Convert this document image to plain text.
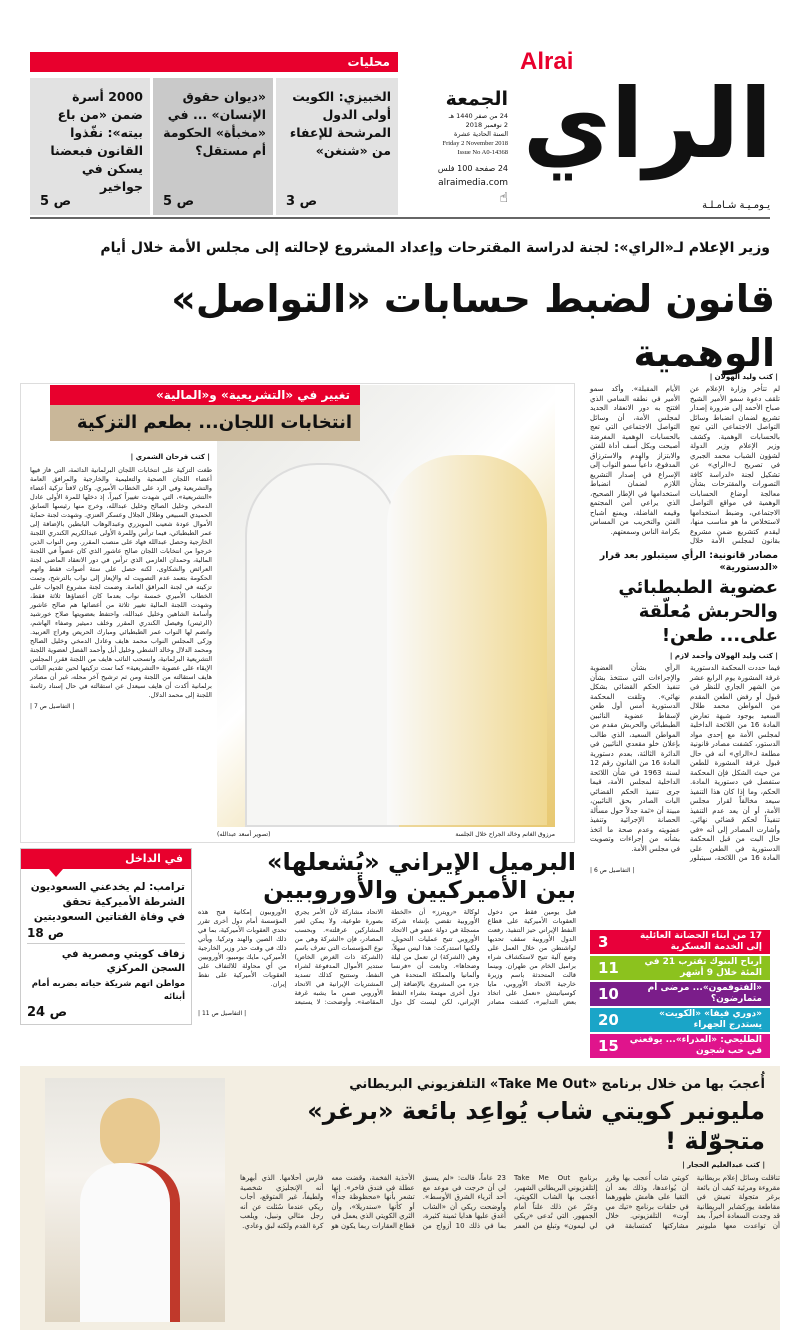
محليات
الخبيزي: الكويت أولى الدول المرشحة للإعفاء من «شنغن»
ص 3
«ديوان حقوق الإنسان» ... في «مخبأة» الحكومة أم مستقل؟
ص 5
2000 أسرة ضمن «من باع بيته»: نفّذوا القانون فبعضنا يسكن في جواخير
ص 5
الجمعة
24 من صفر 1440 هـ
2 نوفمبر 2018
السنة الحادية عشرة
Friday 2 November 2018
Issue No A0-14368
24 صفحة 100 فلس
alraimedia.com
☝
Alrai
الراي
يـومـيـة شـامـلـة
وزير الإعلام لـ«الراي»: لجنة لدراسة المقترحات وإعداد المشروع لإحالته إلى مجلس الأمة خلال أيام
قانون لضبط حسابات «التواصل» الوهمية
| كتب وليد الهولان |
لم تتأخر وزارة الإعلام عن تلقف دعوة سمو الأمير الشيخ صباح الأحمد إلى ضرورة إصدار تشريع لضمان انضباط وسائل التواصل الاجتماعي التي تعج بالحسابات الوهمية. وكشف وزير الإعلام وزير الدولة لشؤون الشباب محمد الجبري في تصريح لـ«الراي» عن تشكيل لجنة «لدراسة كافة التصورات والمقترحات بشأن معالجة أوضاع الحسابات الوهمية في مواقع التواصل الاجتماعي، وضبط استخدامها لاستخلاص ما هو مناسب منها، ليقدم كتشريع ضمن مشروع بقانون لمجلس الأمة خلال الأيام المقبلة». وأكد سمو الأمير في نطقه السامي الذي افتتح به دور الانعقاد الجديد لمجلس الأمة، أن وسائل التواصل الاجتماعي التي تعج بالحسابات الوهمية المغرضة أصبحت وبكل أسف أداة للفتن والابتزاز والهدم والاسترزاق المدفوع، داعياً سمو النواب إلى الإسراع في إصدار التشريع اللازم لضمان انضباط استخدامها في الإطار الصحيح، الذي يراعي أمن المجتمع وقيمه الفاضلة، ويمنع أشباح الفتن والتخريب من المساس بكرامة الناس وسمعتهم.
مصادر قانونية: الرأي سيتبلور بعد قرار «الدستورية»
عضوية الطبطبائي والحربش مُعلّقة على... طعن!
| كتب وليد الهولان وأحمد لازم |
فيما حددت المحكمة الدستورية غرفة المشورة يوم الرابع عشر من الشهر الجاري للنظر في قبول أو رفض الطعن المقدم من المواطن محمد طلال السعيد بوجود شبهة تعارض المادة 16 من اللائحة الداخلية لمجلس الأمة مع إحدى مواد الدستور، كشفت مصادر قانونية مطلعة لـ«الراي» أنه في حال قبول غرفة المشورة للطعن من حيث الشكل فإن المحكمة ستفصل في دستورية المادة. الحكم، وما إذا كان هذا التنفيذ سيعد مخالفاً لقرار مجلس الأمة، أو أن يعد عدم التنفيذ تنفيذاً لحكم قضائي نهائي. وأشارت المصادر إلى أنه «في حال البت من قبل المحكمة الدستورية في الطعن على المادة 16 من اللائحة، سيتبلور الرأي بشأن العضوية والإجراءات التي ستتخذ بشأن تنفيذ الحكم القضائي بشكل نهائي». وتلقت المحكمة الدستورية أمس أول طعن لإسقاط عضوية النائبين الطبطبائي والحربش مقدم من المواطن السعيد، الذي طالب بإعلان خلو مقعدي النائبين في الدائرة الثالثة، بعدم دستورية المادة 16 من القانون رقم 12 لسنة 1963 في شأن اللائحة الداخلية لمجلس الأمة، فيما جرى تنفيذ الحكم القضائي البات الصادر بحق النائبين، مبينة أن «ثمة جدلاً حول مسألة الحصانة الإجرائية وتنفيذ عضويته وعدم صحة ما اتخذ بشأنه من إجراءات وتصويت في مجلس الأمة.
| التفاصيل ص 6 |
17 من أبناء الحضانة العائلية إلى الخدمة العسكرية
3
أرباح البنوك تقترب 21 في المئة خلال 9 أشهر
11
«الفتوفمون»... مرضى أم متمارضون؟
10
«دوري فيفا» «الكويت» يستدرج الجهراء
20
الطليحي: «العذراء»... يوقعني في حب شجون
15
تغيير في «التشريعية» و«المالية»
انتخابات اللجان... بطعم التزكية
| كتب فرحان الشمري |
طغت التزكية على انتخابات اللجان البرلمانية الدائمة، التي فاز فيها أعضاء اللجان الصحية والتعليمية والخارجية والمرافق العامة والتشريعية وفي الرد على الخطاب الأميري. وكان لافتاً تزكية أعضاء «التشريعية»، التي شهدت تغييراً كبيراً، إذ دخلها للمرة الأولى عادل الدمخي وخليل الصالح وخليل عبدالله، وخرج منها رئيسها السابق الحميدي السبيعي وطلال الجلال وعسكر العنزي. وشهدت لجنة حماية الأموال عودة شعيب المويزري وعبدالوهاب البابطين بالإضافة إلى عمر الطبطبائي، فيما ترأس وللمرة الأولى عبدالكريم الكندري اللجنة الخارجية وحصل عبدالله فهاد على منصب المقرر. ومن النواب الذين خرجوا من انتخابات اللجان صالح عاشور الذي كان عضواً في اللجنة المالية، وحمدان العازمي الذي ترأس في دور الانعقاد الماضي لجنة العرائض والشكاوى، لكنه حصل على ستة أصوات فقط واتهم الحكومة بتعمد عدم التصويت له والإيعاز إلى نواب بالترشح، وتمت تزكيته في لجنة المرافق العامة. وضمت لجنة مشروع الجواب على الخطاب الأميري خمسة نواب بعدما كان أعضاؤها ثلاثة فقط، وشهدت اللجنة المالية تغيير ثلاثة من أعضائها هم صالح عاشور وأسامة الشاهين وخليل عبدالله، واحتفظ بعضويتها صلاح خورشيد (الرئيس) وفيصل الكندري المقرر وخلف دميثير وصفاء الهاشم، وانضم لها النواب عمر الطبطبائي ومبارك الحريص وفراج العربيد. وزكى المجلس النواب محمد هايف وعادل الدمخي وخليل الصالح ومحمد الدلال وخالد الشطي وخليل أبل وأحمد الفضل لعضوية اللجنة التشريعية البرلمانية، وانسحب النائب هايف من اللجنة فقرر المجلس الإبقاء على عضوية «التشريعية» كما تمت تزكيتها لحين تقديم النائب هايف استقالته من اللجنة ومن ثم ترشيح آخر محله، غير أن مصادر برلمانية أكدت أن هايف سيعدل عن استقالته في حال إسناد رئاسة اللجنة إلى محمد الدلال.
| التفاصيل ص 7 |
مرزوق الغانم وخالد الجراح خلال الجلسة
(تصوير أسعد عبدالله)
البرميل الإيراني «يُشعلها»
بين الأميركيين والأوروبيين
قبل يومين فقط من دخول العقوبات الأميركية على قطاع النفط الإيراني حيز التنفيذ، رفعت الدول الأوروبية سقف تحديها لواشنطن من خلال العمل على وضع آلية تتيح لاستكشاف شراء براميل الخام من طهران. وبينما قالت المتحدثة باسم وزيرة خارجية الاتحاد الأوروبي، مايا كوسيانيتش «نعمل على اتخاذ بعض التدابير»، كشفت مصادر لوكالة «رويترز» أن «الخطة الأوروبية تقضي بإنشاء شركة مسجلة في دولة عضو في الاتحاد الأوروبي تتيح عمليات التحويل، ولكنها استدركت: هذا ليس سهلاً، وهي (الشركة) لن تعمل من ليلة وضحاها». وتابعت أن «فرنسا وألمانيا والمملكة المتحدة هي جزء من المشروع، بالإضافة إلى دول أخرى مهتمة بشراء النفط الإيراني، لكن ليست كل دول الاتحاد مشاركة لأن الأمر يجري بصورة طوعية، ولا يمكن لغير المشاركين عرقلته». وبحسب المصادر، فإن «الشركة وهي من نوع المؤسسات التي تعرف باسم (الشركة ذات الغرض الخاص) ستدير الأموال المدفوعة لشراء النفط، وستتيح كذلك تسديد المشتريات الإيرانية في الاتحاد الأوروبي ضمن ما يشبه غرفة المقاصة». وأوضحت: لا يستبعد الأوروبيون إمكانية فتح هذه المؤسسة أمام دول أخرى تقرر تحدي العقوبات الأميركية، بما في ذلك الصين والهند وتركيا. ويأتي ذلك في وقت حذر وزير الخارجية الأميركي، مايك بومبيو، الأوروبيين من أي محاولة للالتفاف على العقوبات الأميركية على نفط إيران.
| التفاصيل ص 11 |
في الداخل
ترامب: لم يخدعني السعوديون
الشرطة الأميركية تحقق
في وفاة الفتاتين السعوديتين
ص 18
زفاف كويتي ومصرية في السجن المركزي
مواطن اتهم شريكة حياته بضربه أمام أبنائه
ص 24
أُعجبَ بها من خلال برنامج «Take Me Out» التلفزيوني البريطاني
مليونير كويتي شاب يُواعِد بائعة «برغر» متجوّلة !
| كتب عبدالعليم الحجار |
تناقلت وسائل إعلام بريطانية مقروءة ومرئية كيف أن بائعة برغر متجولة تعيش في مقاطعة يوركشاير البريطانية قد وجدت السعادة أخيراً، بعد أن تواعدت معها مليونير كويتي شاب أُعجب بها وقرر أن يُواعدها، وذلك بعد أن التقيا على هامش ظهورهما في حلقات برنامج «تيك مي آوت» التلفزيوني. خلال مشاركتها كمتسابقة في برنامج Take Me Out التلفزيوني البريطاني الشهير، أُعجب بها الشاب الكويتي، وعبّر عن ذلك علناً أمام الجمهور. التي تُدعى «ريكي لي ليمون» وتبلغ من العمر 23 عاماً، قالت: «لم يسبق لي أن خرجت في موعد مع أحد أثرياء الشرق الأوسط». وأوضحت ريكي أن «الشاب أغدق عليها هدايا ثمينة كثيرة، بما في ذلك 10 أزواج من الأحذية الفخمة، وقضت معه عطلة في فندق فاخر». إنها تشعر بأنها «محظوظة جداً» أو كأنها «سندريلا»، وأن الثري الكويتي الذي يعمل في قطاع العقارات ربما يكون هو فارس أحلامها. الذي أبهرها أنه الإنجليزي شخصية ولطيفاً، غير المتوقع، أجاب ريكي عندما سُئلت عن أنه رجل مثالي ونبيل، ويلعب كرة القدم ولكنه لبق وعادي.
